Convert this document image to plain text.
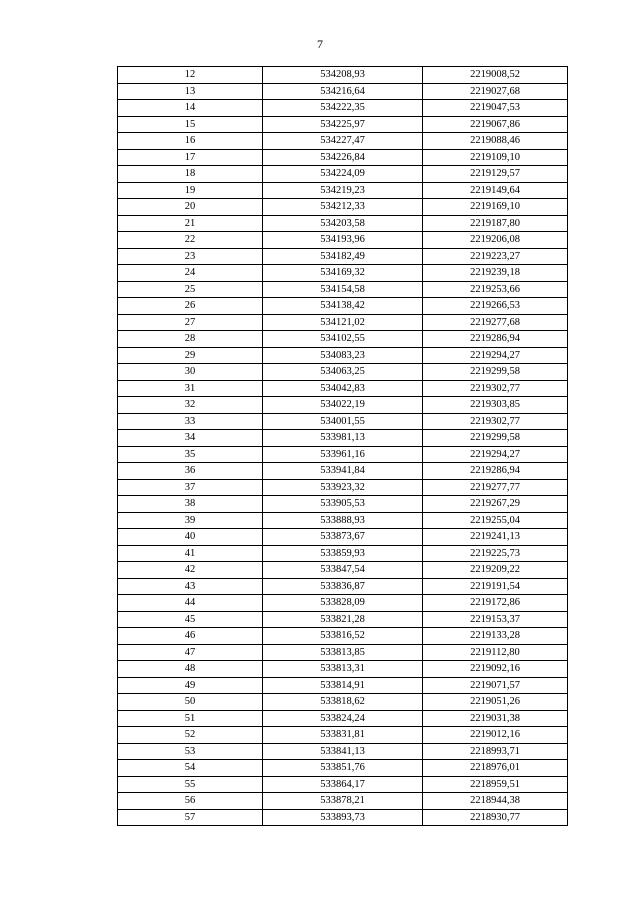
7
12	534208,93	2219008,52
13	534216,64	2219027,68
14	534222,35	2219047,53
15	534225,97	2219067,86
16	534227,47	2219088,46
17	534226,84	2219109,10
18	534224,09	2219129,57
19	534219,23	2219149,64
20	534212,33	2219169,10
21	534203,58	2219187,80
22	534193,96	2219206,08
23	534182,49	2219223,27
24	534169,32	2219239,18
25	534154,58	2219253,66
26	534138,42	2219266,53
27	534121,02	2219277,68
28	534102,55	2219286,94
29	534083,23	2219294,27
30	534063,25	2219299,58
31	534042,83	2219302,77
32	534022,19	2219303,85
33	534001,55	2219302,77
34	533981,13	2219299,58
35	533961,16	2219294,27
36	533941,84	2219286,94
37	533923,32	2219277,77
38	533905,53	2219267,29
39	533888,93	2219255,04
40	533873,67	2219241,13
41	533859,93	2219225,73
42	533847,54	2219209,22
43	533836,87	2219191,54
44	533828,09	2219172,86
45	533821,28	2219153,37
46	533816,52	2219133,28
47	533813,85	2219112,80
48	533813,31	2219092,16
49	533814,91	2219071,57
50	533818,62	2219051,26
51	533824,24	2219031,38
52	533831,81	2219012,16
53	533841,13	2218993,71
54	533851,76	2218976,01
55	533864,17	2218959,51
56	533878,21	2218944,38
57	533893,73	2218930,77
